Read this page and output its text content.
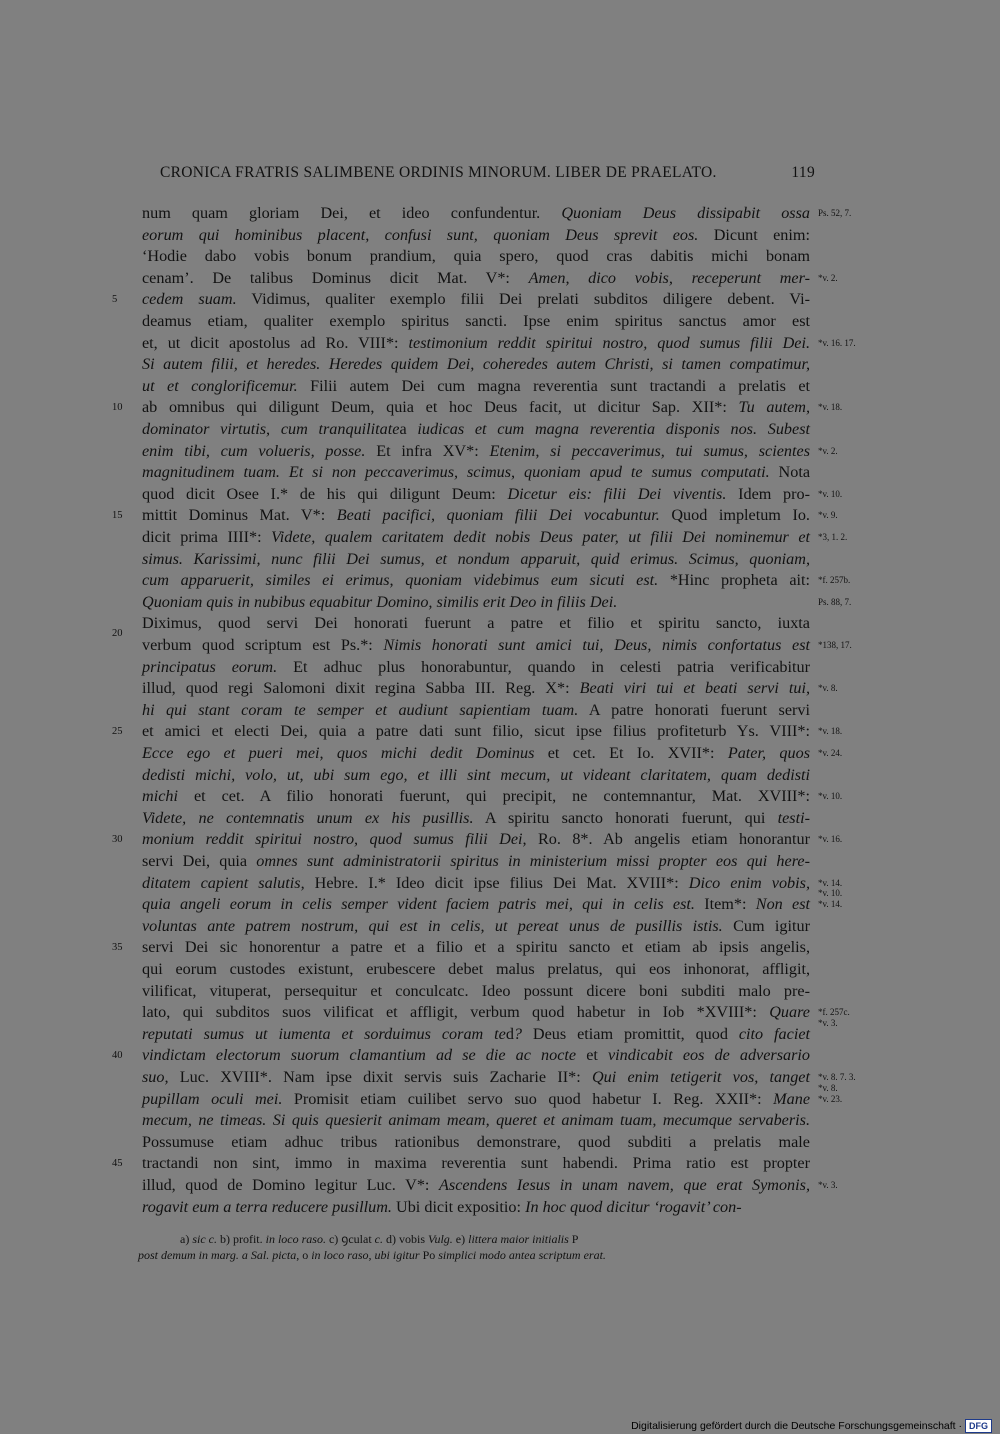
CRONICA FRATRIS SALIMBENE ORDINIS MINORUM. LIBER DE PRAELATO.	119
num quam gloriam Dei, et ideo confundentur. Quoniam Deus dissipabit ossa
eorum qui hominibus placent, confusi sunt, quoniam Deus sprevit eos. Dicunt enim:
‘Hodie dabo vobis bonum prandium, quia spero, quod cras dabitis michi bonam
cenam’. De talibus Dominus dicit Mat. V*: Amen, dico vobis, receperunt mer-
cedem suam. Vidimus, qualiter exemplo filii Dei prelati subditos diligere debent. Vi-
deamus etiam, qualiter exemplo spiritus sancti. Ipse enim spiritus sanctus amor est
et, ut dicit apostolus ad Ro. VIII*: testimonium reddit spiritui nostro, quod sumus filii Dei.
Si autem filii, et heredes. Heredes quidem Dei, coheredes autem Christi, si tamen compatimur,
ut et conglorificemur. Filii autem Dei cum magna reverentia sunt tractandi a prelatis et
ab omnibus qui diligunt Deum, quia et hoc Deus facit, ut dicitur Sap. XII*: Tu autem,
dominator virtutis, cum tranquilitatea iudicas et cum magna reverentia disponis nos. Subest
enim tibi, cum volueris, posse. Et infra XV*: Etenim, si peccaverimus, tui sumus, scientes
magnitudinem tuam. Et si non peccaverimus, scimus, quoniam apud te sumus computati. Nota
quod dicit Osee I.* de his qui diligunt Deum: Dicetur eis: filii Dei viventis. Idem pro-
mittit Dominus Mat. V*: Beati pacifici, quoniam filii Dei vocabuntur. Quod impletum Io.
dicit prima IIII*: Videte, qualem caritatem dedit nobis Deus pater, ut filii Dei nominemur et
simus. Karissimi, nunc filii Dei sumus, et nondum apparuit, quid erimus. Scimus, quoniam,
cum apparuerit, similes ei erimus, quoniam videbimus eum sicuti est. *Hinc propheta ait:
Quoniam quis in nubibus equabitur Domino, similis erit Deo in filiis Dei.
Diximus, quod servi Dei honorati fuerunt a patre et filio et spiritu sancto, iuxta
verbum quod scriptum est Ps.*: Nimis honorati sunt amici tui, Deus, nimis confortatus est
principatus eorum. Et adhuc plus honorabuntur, quando in celesti patria verificabitur
illud, quod regi Salomoni dixit regina Sabba III. Reg. X*: Beati viri tui et beati servi tui,
hi qui stant coram te semper et audiunt sapientiam tuam. A patre honorati fuerunt servi
et amici et electi Dei, quia a patre dati sunt filio, sicut ipse filius profiteturb Ys. VIII*:
Ecce ego et pueri mei, quos michi dedit Dominus et cet. Et Io. XVII*: Pater, quos
dedisti michi, volo, ut, ubi sum ego, et illi sint mecum, ut videant claritatem, quam dedisti
michi et cet. A filio honorati fuerunt, qui precipit, ne contemnantur, Mat. XVIII*:
Videte, ne contemnatis unum ex his pusillis. A spiritu sancto honorati fuerunt, qui testi-
monium reddit spiritui nostro, quod sumus filii Dei, Ro. 8*. Ab angelis etiam honorantur
servi Dei, quia omnes sunt administratorii spiritus in ministerium missi propter eos qui here-
ditatem capient salutis, Hebre. I.* Ideo dicit ipse filius Dei Mat. XVIII*: Dico enim vobis,
quia angeli eorum in celis semper vident faciem patris mei, qui in celis est. Item*: Non est
voluntas ante patrem nostrum, qui est in celis, ut pereat unus de pusillis istis. Cum igitur
servi Dei sic honorentur a patre et a filio et a spiritu sancto et etiam ab ipsis angelis,
qui eorum custodes existunt, erubescere debet malus prelatus, qui eos inhonorat, affligit,
vilificat, vituperat, persequitur et conculcatc. Ideo possunt dicere boni subditi malo pre-
lato, qui subditos suos vilificat et affligit, verbum quod habetur in Iob *XVIII*: Quare
reputati sumus ut iumenta et sorduimus coram ted? Deus etiam promittit, quod cito faciet
vindictam electorum suorum clamantium ad se die ac nocte et vindicabit eos de adversario
suo, Luc. XVIII*. Nam ipse dixit servis suis Zacharie II*: Qui enim tetigerit vos, tanget
pupillam oculi mei. Promisit etiam cuilibet servo suo quod habetur I. Reg. XXII*: Mane
mecum, ne timeas. Si quis quesierit animam meam, queret et animam tuam, mecumque servaberis.
Possumuse etiam adhuc tribus rationibus demonstrare, quod subditi a prelatis male
tractandi non sint, immo in maxima reverentia sunt habendi. Prima ratio est propter
illud, quod de Domino legitur Luc. V*: Ascendens Iesus in unam navem, que erat Symonis,
rogavit eum a terra reducere pusillum. Ubi dicit expositio: In hoc quod dicitur ‘rogavit’ con-
5
10
15
20
25
30
35
40
45
Ps. 52, 7.
*v. 2.
*v. 16. 17.
*v. 18.
*v. 2.
*v. 10.
*v. 9.
*3, 1. 2.
*f. 257b.
Ps. 88, 7.
*138, 17.
*v. 8.
*v. 18.
*v. 24.
*v. 10.
*v. 16.
*v. 14.
*v. 10.
*v. 14.
*f. 257c.
*v. 3.
*v. 8. 7. 3.
*v. 8.
*v. 23.
*v. 3.
a) sic c. b) profit. in loco raso. c) ꝯculat c. d) vobis Vulg. e) littera maior initialis P
post demum in marg. a Sal. picta, o in loco raso, ubi igitur Po simplici modo antea scriptum erat.
Digitalisierung gefördert durch die Deutsche Forschungsgemeinschaft · DFG
